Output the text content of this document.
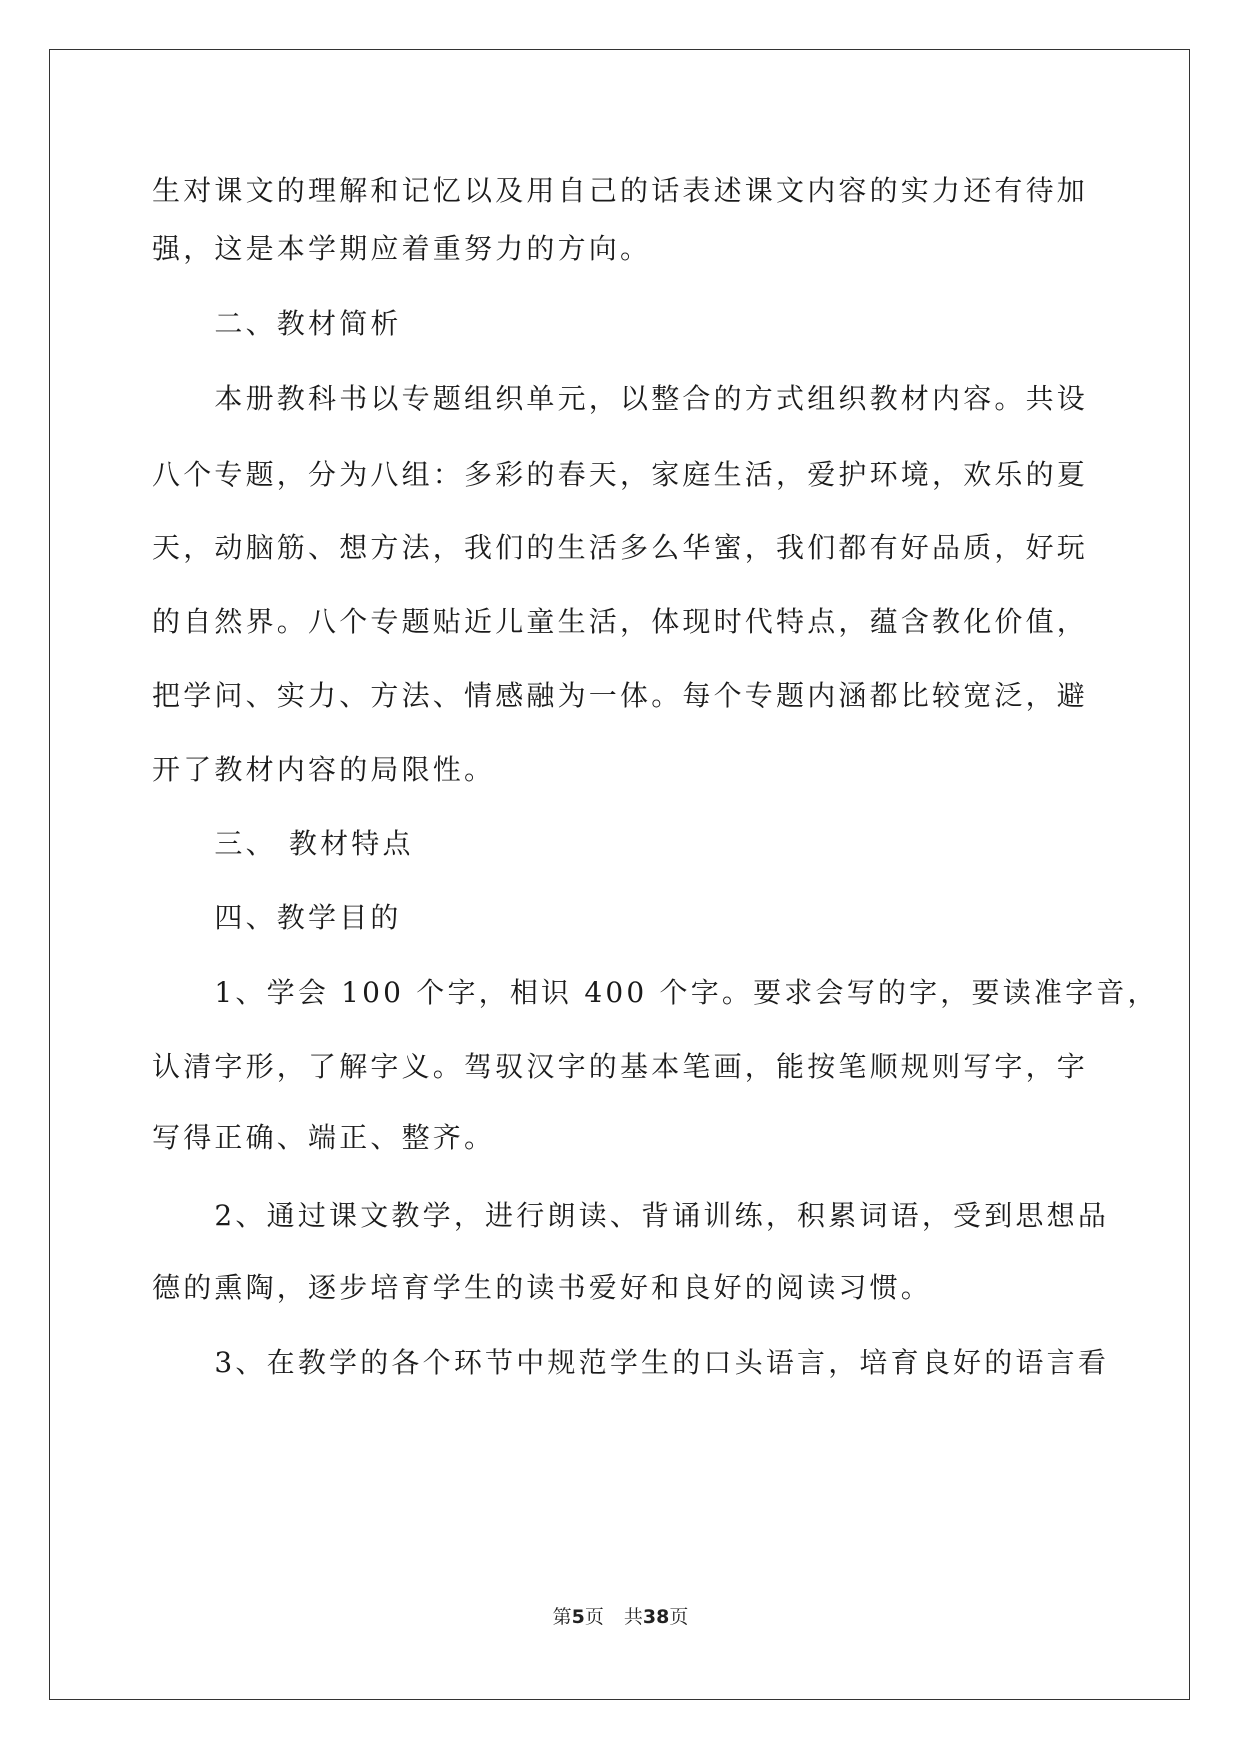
生对课文的理解和记忆以及用自己的话表述课文内容的实力还有待加
强，这是本学期应着重努力的方向。
　　二、教材简析
　　本册教科书以专题组织单元，以整合的方式组织教材内容。共设
八个专题，分为八组：多彩的春天，家庭生活，爱护环境，欢乐的夏
天，动脑筋、想方法，我们的生活多么华蜜，我们都有好品质，好玩
的自然界。八个专题贴近儿童生活，体现时代特点，蕴含教化价值，
把学问、实力、方法、情感融为一体。每个专题内涵都比较宽泛，避
开了教材内容的局限性。
　　三、 教材特点
　　四、教学目的
　　1、学会 100 个字，相识 400 个字。要求会写的字，要读准字音，
认清字形，了解字义。驾驭汉字的基本笔画，能按笔顺规则写字，字
写得正确、端正、整齐。
　　2、通过课文教学，进行朗读、背诵训练，积累词语，受到思想品
德的熏陶，逐步培育学生的读书爱好和良好的阅读习惯。
　　3、在教学的各个环节中规范学生的口头语言，培育良好的语言看
第5页 共38页
